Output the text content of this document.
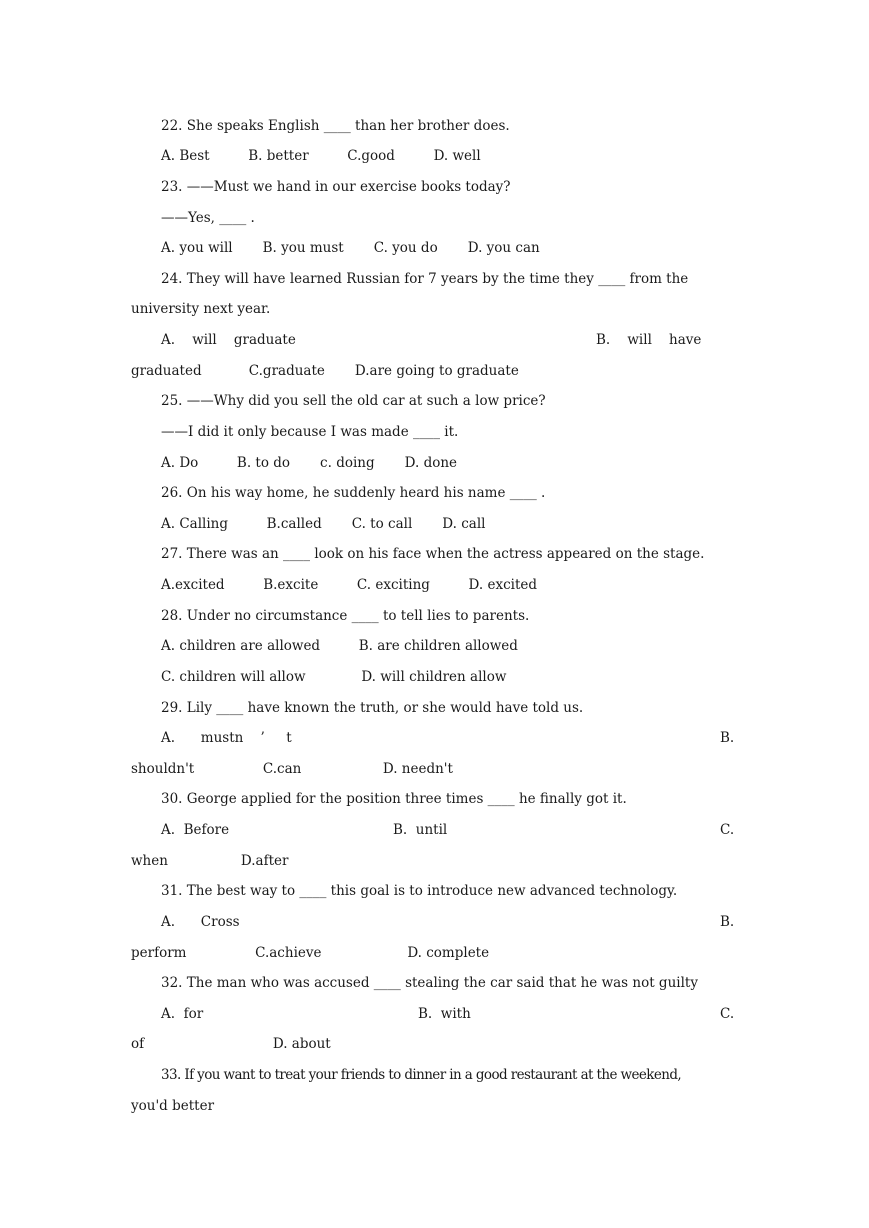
22. She speaks English ____ than her brother does.
A. Best         B. better         C.good         D. well
23. ——Must we hand in our exercise books today?
——Yes, ____ .
A. you will       B. you must       C. you do       D. you can
24. They will have learned Russian for 7 years by the time they ____ from the
university next year.
A.    will    graduate	B.    will    have
graduated           C.graduate       D.are going to graduate
25. ——Why did you sell the old car at such a low price?
——I did it only because I was made ____ it.
A. Do         B. to do       c. doing       D. done
26. On his way home, he suddenly heard his name ____ .
A. Calling         B.called       C. to call       D. call
27. There was an ____ look on his face when the actress appeared on the stage.
A.excited         B.excite         C. exciting         D. excited
28. Under no circumstance ____ to tell lies to parents.
A. children are allowed         B. are children allowed
C. children will allow             D. will children allow
29. Lily ____ have known the truth, or she would have told us.
A.      mustn    ’     t	B.
shouldn't                C.can                   D. needn't
30. George applied for the position three times ____ he finally got it.
A.  Before	B.  until	C.
when                 D.after
31. The best way to ____ this goal is to introduce new advanced technology.
A.      Cross	B.
perform                C.achieve                    D. complete
32. The man who was accused ____ stealing the car said that he was not guilty
A.  for	B.  with	C.
of                              D. about
33. If you want to treat your friends to dinner in a good restaurant at the weekend,
you'd better
